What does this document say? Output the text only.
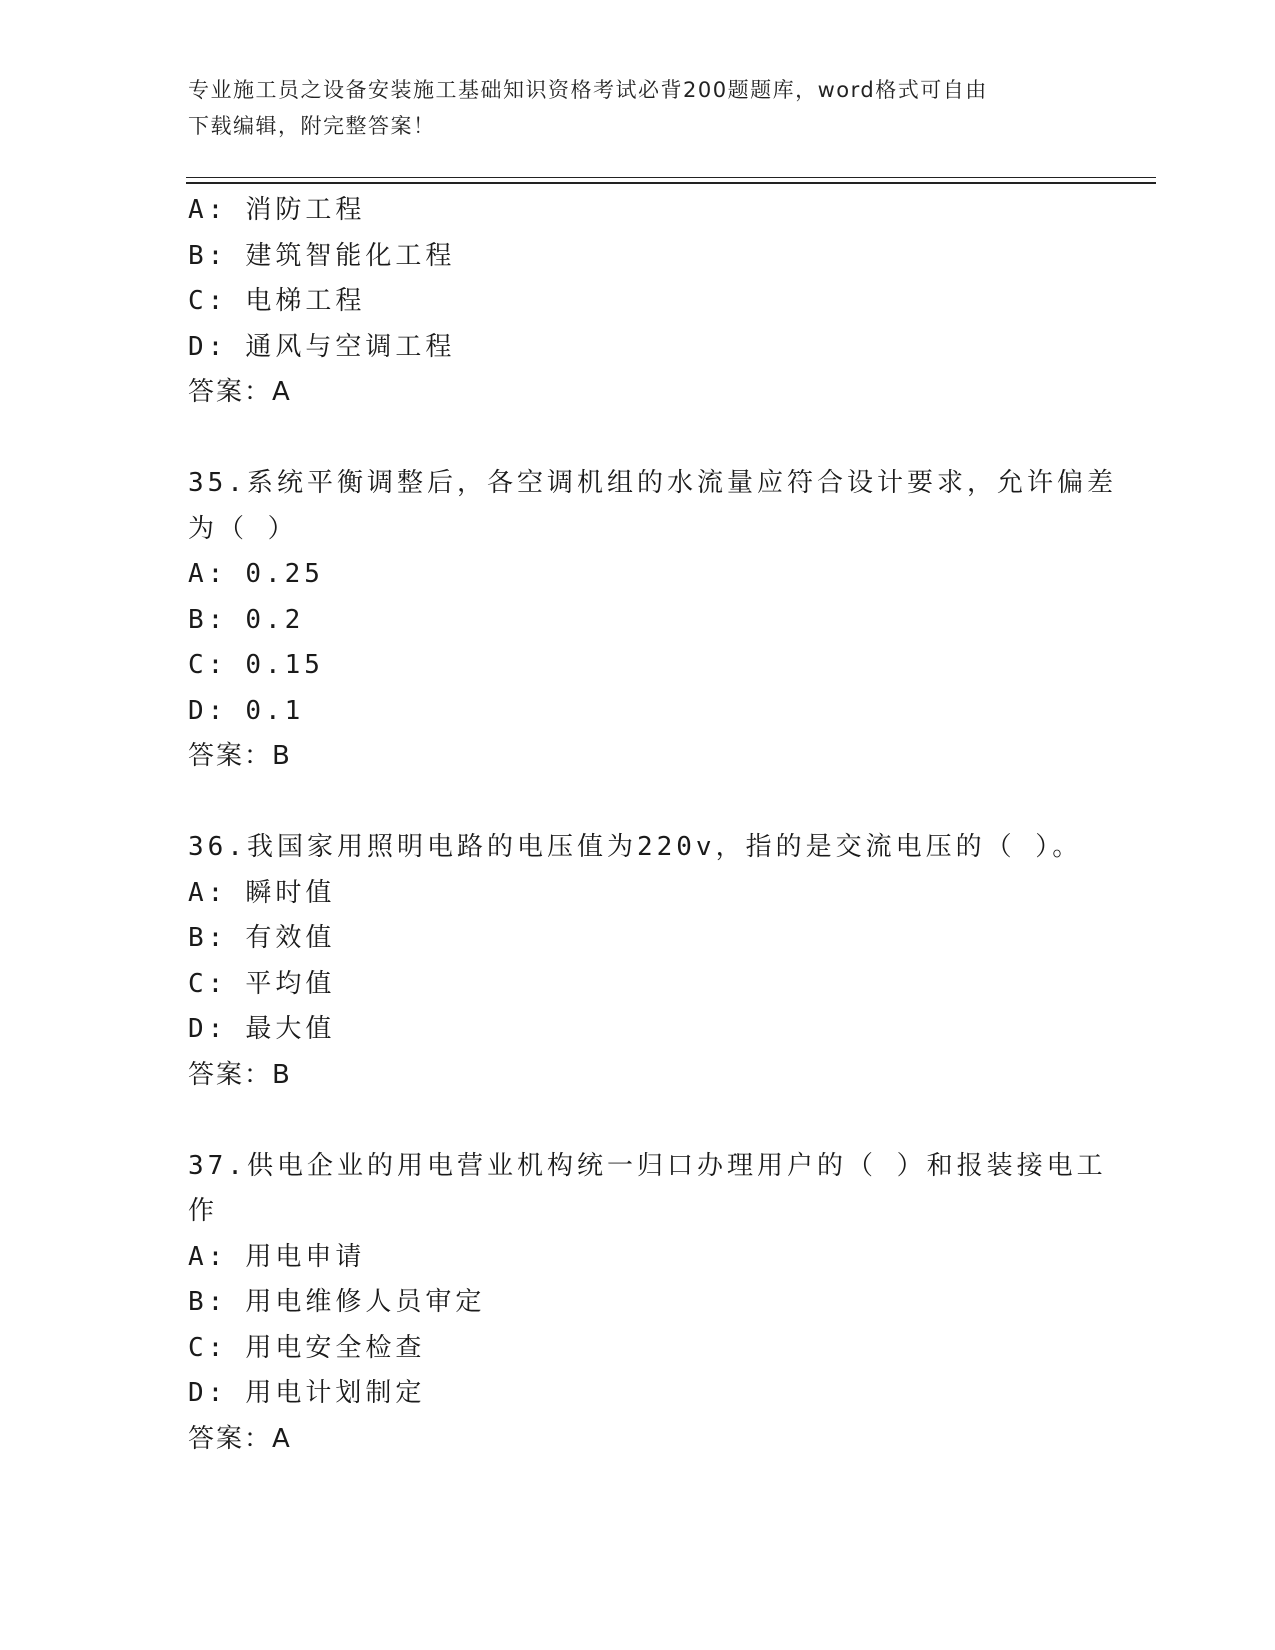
专业施工员之设备安装施工基础知识资格考试必背200题题库，word格式可自由
下载编辑，附完整答案！
A: 消防工程
B: 建筑智能化工程
C: 电梯工程
D: 通风与空调工程
答案：A
35.系统平衡调整后，各空调机组的水流量应符合设计要求，允许偏差
为（ ）
A: 0.25
B: 0.2
C: 0.15
D: 0.1
答案：B
36.我国家用照明电路的电压值为220v，指的是交流电压的（ ）。
A: 瞬时值
B: 有效值
C: 平均值
D: 最大值
答案：B
37.供电企业的用电营业机构统一归口办理用户的（ ）和报装接电工
作
A: 用电申请
B: 用电维修人员审定
C: 用电安全检查
D: 用电计划制定
答案：A
